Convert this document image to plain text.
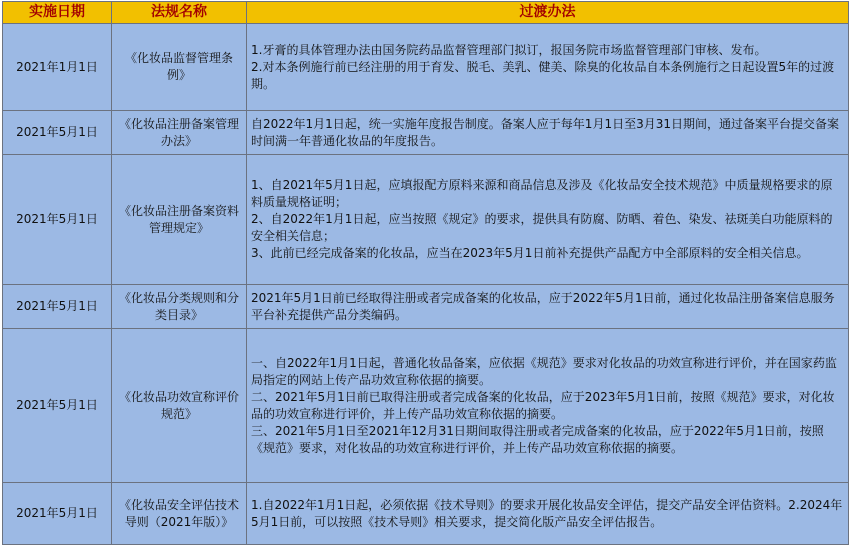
实施日期	法规名称	过渡办法
2021年1月1日	《化妆品监督管理条例》	1.牙膏的具体管理办法由国务院药品监督管理部门拟订，报国务院市场监督管理部门审核、发布。
2.对本条例施行前已经注册的用于育发、脱毛、美乳、健美、除臭的化妆品自本条例施行之日起设置5年的过渡期。

2021年5月1日	《化妆品注册备案管理办法》	自2022年1月1日起，统一实施年度报告制度。备案人应于每年1月1日至3月31日期间，通过备案平台提交备案时间满一年普通化妆品的年度报告。

2021年5月1日	《化妆品注册备案资料管理规定》	1、自2021年5月1日起，应填报配方原料来源和商品信息及涉及《化妆品安全技术规范》中质量规格要求的原料质量规格证明；
2、自2022年1月1日起，应当按照《规定》的要求，提供具有防腐、防晒、着色、染发、祛斑美白功能原料的安全相关信息；
3、此前已经完成备案的化妆品，应当在2023年5月1日前补充提供产品配方中全部原料的安全相关信息。

2021年5月1日	《化妆品分类规则和分类目录》	2021年5月1日前已经取得注册或者完成备案的化妆品，应于2022年5月1日前，通过化妆品注册备案信息服务平台补充提供产品分类编码。

2021年5月1日	《化妆品功效宣称评价规范》	一、自2022年1月1日起，普通化妆品备案，应依据《规范》要求对化妆品的功效宣称进行评价，并在国家药监局指定的网站上传产品功效宣称依据的摘要。
二、2021年5月1日前已取得注册或者完成备案的化妆品，应于2023年5月1日前，按照《规范》要求，对化妆品的功效宣称进行评价，并上传产品功效宣称依据的摘要。
三、2021年5月1日至2021年12月31日期间取得注册或者完成备案的化妆品，应于2022年5月1日前，按照《规范》要求，对化妆品的功效宣称进行评价，并上传产品功效宣称依据的摘要。

2021年5月1日	《化妆品安全评估技术导则（2021年版）》	1.自2022年1月1日起，必须依据《技术导则》的要求开展化妆品安全评估，提交产品安全评估资料。2.2024年5月1日前，可以按照《技术导则》相关要求，提交简化版产品安全评估报告。
